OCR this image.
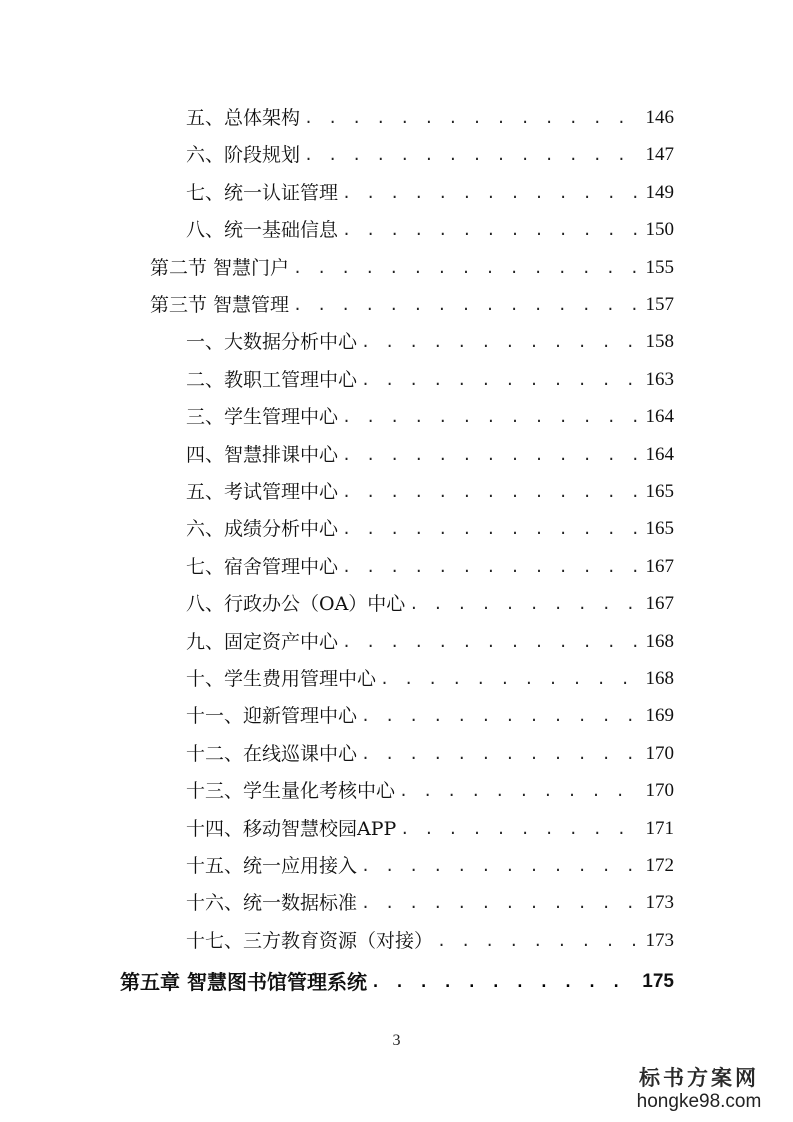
五、总体架构 . . .	146
六、阶段规划 . . .	147
七、统一认证管理 . . .	149
八、统一基础信息 . . .	150
第二节 智慧门户 . . .	155
第三节 智慧管理 . . .	157
一、大数据分析中心 . . .	158
二、教职工管理中心 . . .	163
三、学生管理中心 . . .	164
四、智慧排课中心 . . .	164
五、考试管理中心 . . .	165
六、成绩分析中心 . . .	165
七、宿舍管理中心 . . .	167
八、行政办公（OA）中心 . . .	167
九、固定资产中心 . . .	168
十、学生费用管理中心 . . .	168
十一、迎新管理中心 . . .	169
十二、在线巡课中心 . . .	170
十三、学生量化考核中心 . . .	170
十四、移动智慧校园APP . . .	171
十五、统一应用接入 . . .	172
十六、统一数据标准 . . .	173
十七、三方教育资源（对接） . . .	173
第五章 智慧图书馆管理系统 . . .	175
3
标书方案网
hongke98.com
